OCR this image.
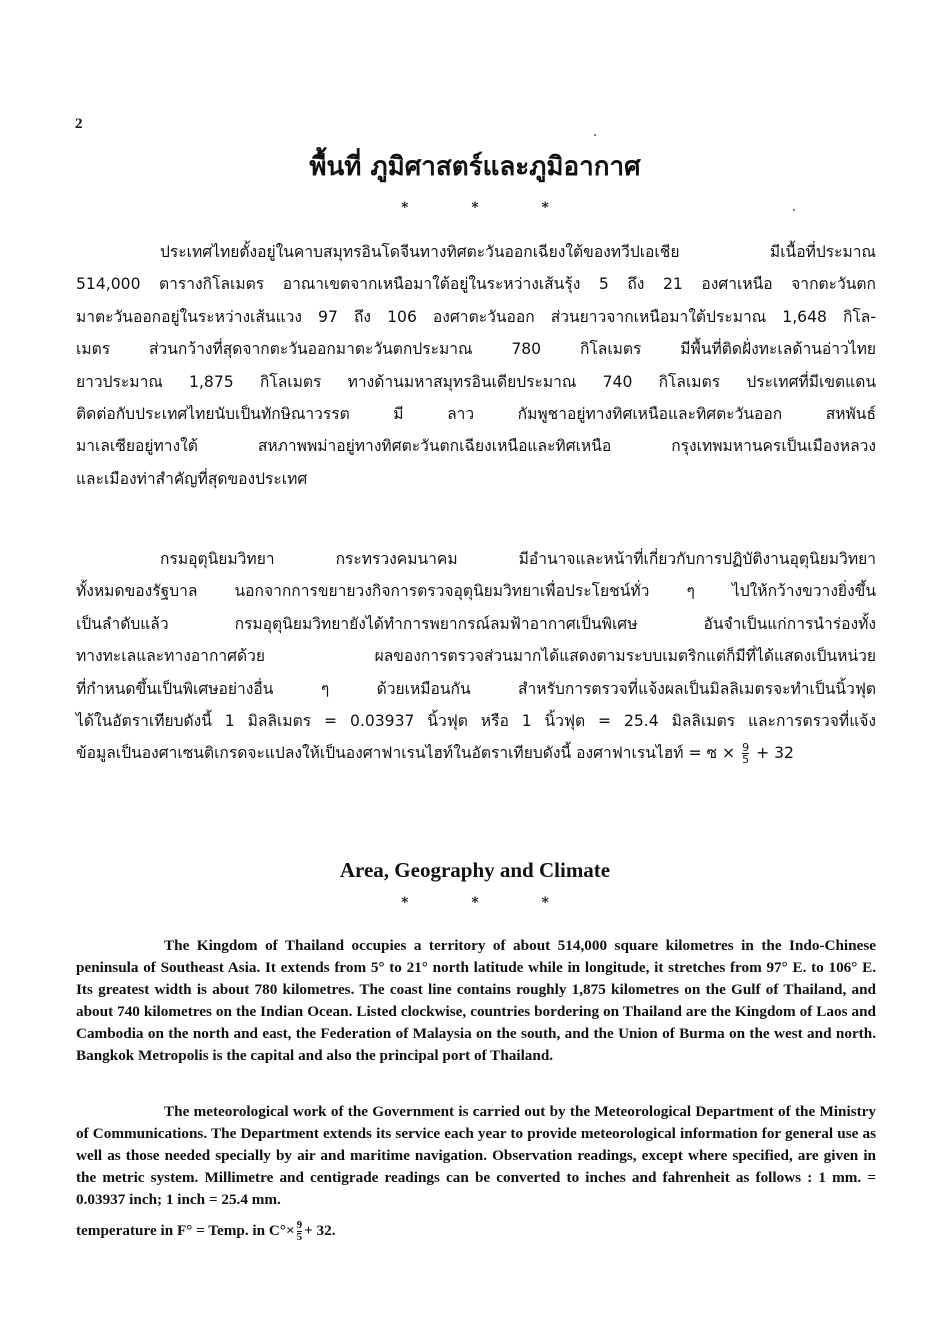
2
พื้นที่ ภูมิศาสตร์และภูมิอากาศ
* * *
ประเทศไทยตั้งอยู่ในคาบสมุทรอินโดจีนทางทิศตะวันออกเฉียงใต้ของทวีปเอเชีย มีเนื้อที่ประมาณ
514,000 ตารางกิโลเมตร อาณาเขตจากเหนือมาใต้อยู่ในระหว่างเส้นรุ้ง 5 ถึง 21 องศาเหนือ จากตะวันตก
มาตะวันออกอยู่ในระหว่างเส้นแวง 97 ถึง 106 องศาตะวันออก ส่วนยาวจากเหนือมาใต้ประมาณ 1,648 กิโล-
เมตร ส่วนกว้างที่สุดจากตะวันออกมาตะวันตกประมาณ 780 กิโลเมตร มีพื้นที่ติดฝั่งทะเลด้านอ่าวไทย
ยาวประมาณ 1,875 กิโลเมตร ทางด้านมหาสมุทรอินเดียประมาณ 740 กิโลเมตร ประเทศที่มีเขตแดน
ติดต่อกับประเทศไทยนับเป็นทักษิณาวรรต มี ลาว กัมพูชาอยู่ทางทิศเหนือและทิศตะวันออก สหพันธ์
มาเลเซียอยู่ทางใต้ สหภาพพม่าอยู่ทางทิศตะวันตกเฉียงเหนือและทิศเหนือ กรุงเทพมหานครเป็นเมืองหลวง
และเมืองท่าสำคัญที่สุดของประเทศ
กรมอุตุนิยมวิทยา กระทรวงคมนาคม มีอำนาจและหน้าที่เกี่ยวกับการปฏิบัติงานอุตุนิยมวิทยา
ทั้งหมดของรัฐบาล นอกจากการขยายวงกิจการตรวจอุตุนิยมวิทยาเพื่อประโยชน์ทั่ว ๆ ไปให้กว้างขวางยิ่งขึ้น
เป็นลำดับแล้ว กรมอุตุนิยมวิทยายังได้ทำการพยากรณ์ลมฟ้าอากาศเป็นพิเศษ อันจำเป็นแก่การนำร่องทั้ง
ทางทะเลและทางอากาศด้วย ผลของการตรวจส่วนมากได้แสดงตามระบบเมตริกแต่ก็มีที่ได้แสดงเป็นหน่วย
ที่กำหนดขึ้นเป็นพิเศษอย่างอื่น ๆ ด้วยเหมือนกัน สำหรับการตรวจที่แจ้งผลเป็นมิลลิเมตรจะทำเป็นนิ้วฟุต
ได้ในอัตราเทียบดังนี้ 1 มิลลิเมตร = 0.03937 นิ้วฟุต หรือ 1 นิ้วฟุต = 25.4 มิลลิเมตร และการตรวจที่แจ้ง
ข้อมูลเป็นองศาเซนติเกรดจะแปลงให้เป็นองศาฟาเรนไฮท์ในอัตราเทียบดังนี้ องศาฟาเรนไฮท์ = ซ × $\frac{9}{5} + 32$
Area, Geography and Climate
* * *

The Kingdom of Thailand occupies a territory of about 514,000 square kilometres in the Indo-Chinese peninsula of Southeast Asia. It extends from 5° to 21° north latitude while in longitude, it stretches from 97° E. to 106° E. Its greatest width is about 780 kilometres. The coast line contains roughly 1,875 kilometres on the Gulf of Thailand, and about 740 kilometres on the Indian Ocean. Listed clockwise, countries bordering on Thailand are the Kingdom of Laos and Cambodia on the north and east, the Federation of Malaysia on the south, and the Union of Burma on the west and north. Bangkok Metropolis is the capital and also the principal port of Thailand.

The meteorological work of the Government is carried out by the Meteorological Department of the Ministry of Communications. The Department extends its service each year to provide meteorological information for general use as well as those needed specially by air and maritime navigation. Observation readings, except where specified, are given in the metric system. Millimetre and centigrade readings can be converted to inches and fahrenheit as follows : 1 mm. = 0.03937 inch; 1 inch = 25.4 mm.

temperature in F° = Temp. in $C^\circ\times \frac{9}{5} + 32$.
